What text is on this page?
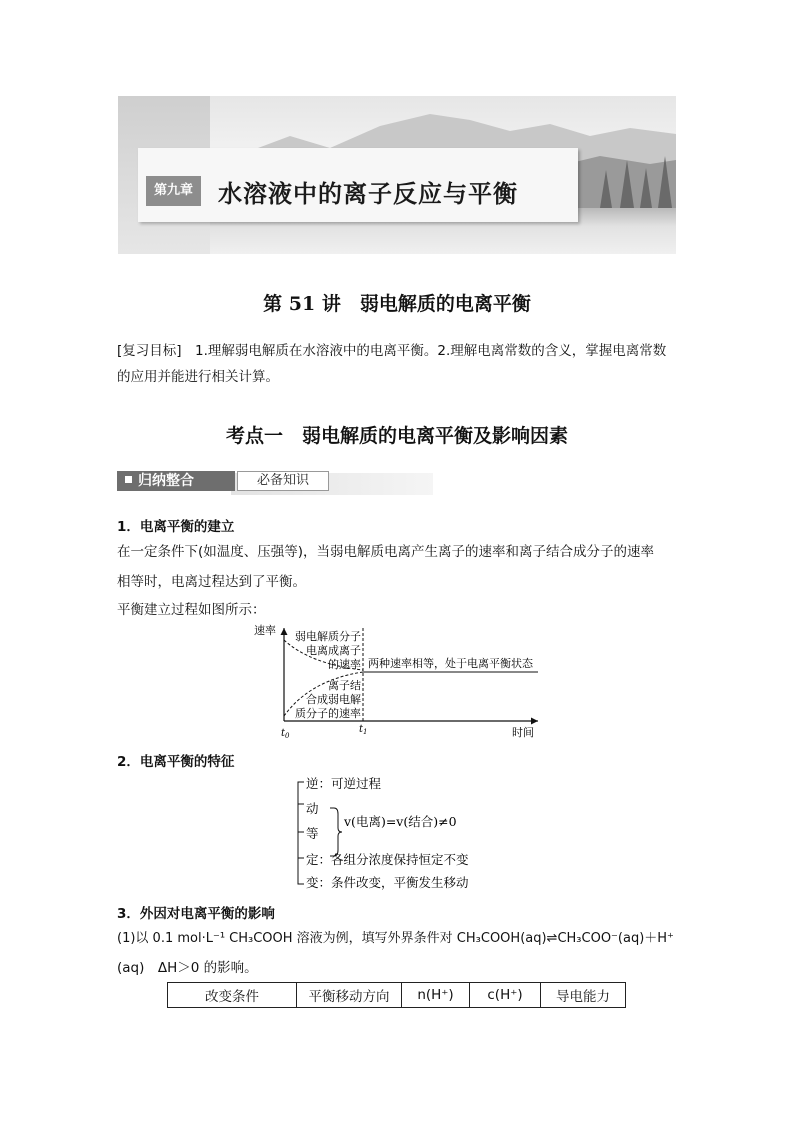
第九章	水溶液中的离子反应与平衡
第 51 讲　弱电解质的电离平衡
[复习目标]　1.理解弱电解质在水溶液中的电离平衡。2.理解电离常数的含义，掌握电离常数的应用并能进行相关计算。
考点一　弱电解质的电离平衡及影响因素
归纳整合	必备知识
1．电离平衡的建立
在一定条件下(如温度、压强等)，当弱电解质电离产生离子的速率和离子结合成分子的速率
相等时，电离过程达到了平衡。
平衡建立过程如图所示：
速率
时间
$t_0$
$t_1$
弱电解质分子
电离成离子
的速率
离子结
合成弱电解
质分子的速率
两种速率相等，处于电离平衡状态
2．电离平衡的特征
逆：可逆过程
动
等
v(电离)=v(结合)≠0
定：各组分浓度保持恒定不变
变：条件改变，平衡发生移动
3．外因对电离平衡的影响
(1)以 0.1 mol·L⁻¹ CH₃COOH 溶液为例，填写外界条件对 CH₃COOH(aq)⇌CH₃COO⁻(aq)＋H⁺
(aq)　ΔH＞0 的影响。
改变条件	平衡移动方向	n(H⁺)	c(H⁺)	导电能力
